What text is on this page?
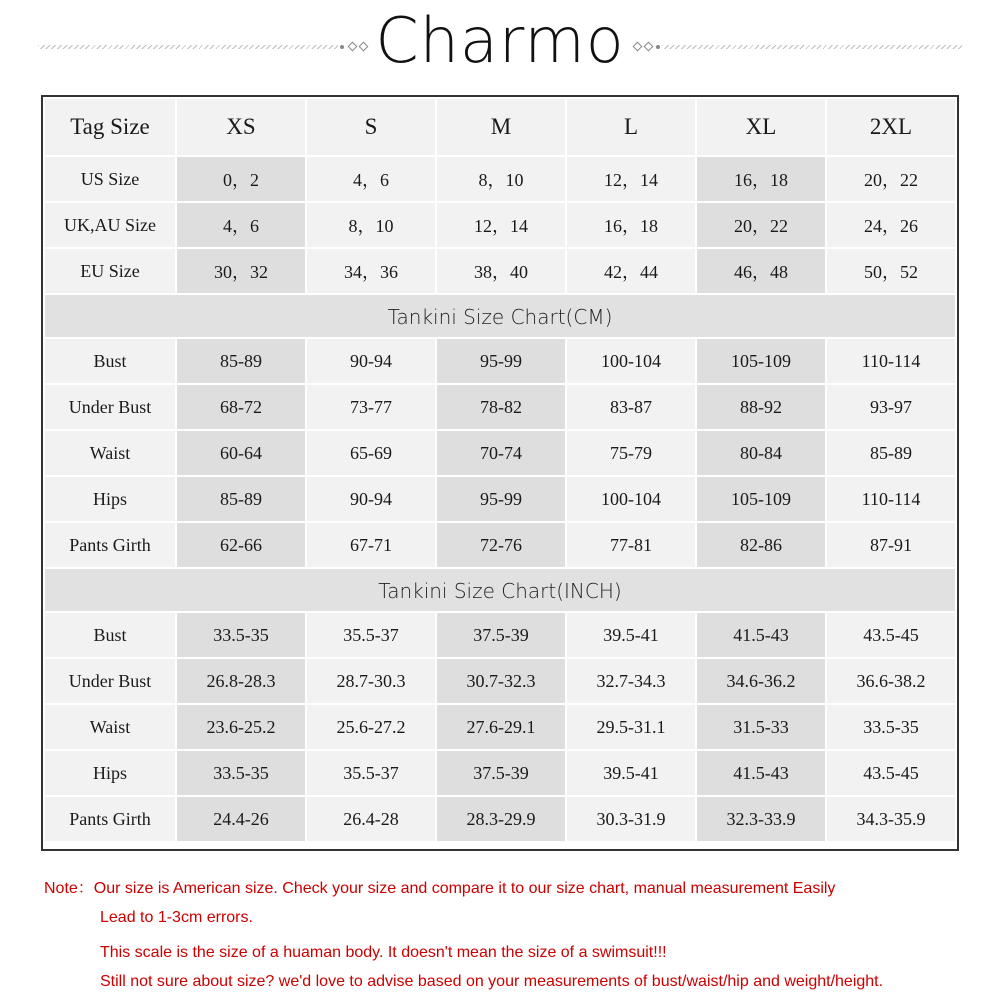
Charmo
Tag Size	XS	S	M	L	XL	2XL
US Size	0，2	4，6	8，10	12，14	16，18	20，22
UK,AU Size	4，6	8，10	12，14	16，18	20，22	24，26
EU Size	30，32	34，36	38，40	42，44	46，48	50，52
Tankini Size Chart(CM)						
Bust	85-89	90-94	95-99	100-104	105-109	110-114
Under Bust	68-72	73-77	78-82	83-87	88-92	93-97
Waist	60-64	65-69	70-74	75-79	80-84	85-89
Hips	85-89	90-94	95-99	100-104	105-109	110-114
Pants Girth	62-66	67-71	72-76	77-81	82-86	87-91
Tankini Size Chart(INCH)						
Bust	33.5-35	35.5-37	37.5-39	39.5-41	41.5-43	43.5-45
Under Bust	26.8-28.3	28.7-30.3	30.7-32.3	32.7-34.3	34.6-36.2	36.6-38.2
Waist	23.6-25.2	25.6-27.2	27.6-29.1	29.5-31.1	31.5-33	33.5-35
Hips	33.5-35	35.5-37	37.5-39	39.5-41	41.5-43	43.5-45
Pants Girth	24.4-26	26.4-28	28.3-29.9	30.3-31.9	32.3-33.9	34.3-35.9
Note：Our size is American size. Check your size and compare it to our size chart, manual measurement Easily
Lead to 1-3cm errors.
This scale is the size of a huaman body. It doesn't mean the size of a swimsuit!!!
Still not sure about size? we'd love to advise based on your measurements of bust/waist/hip and weight/height.
